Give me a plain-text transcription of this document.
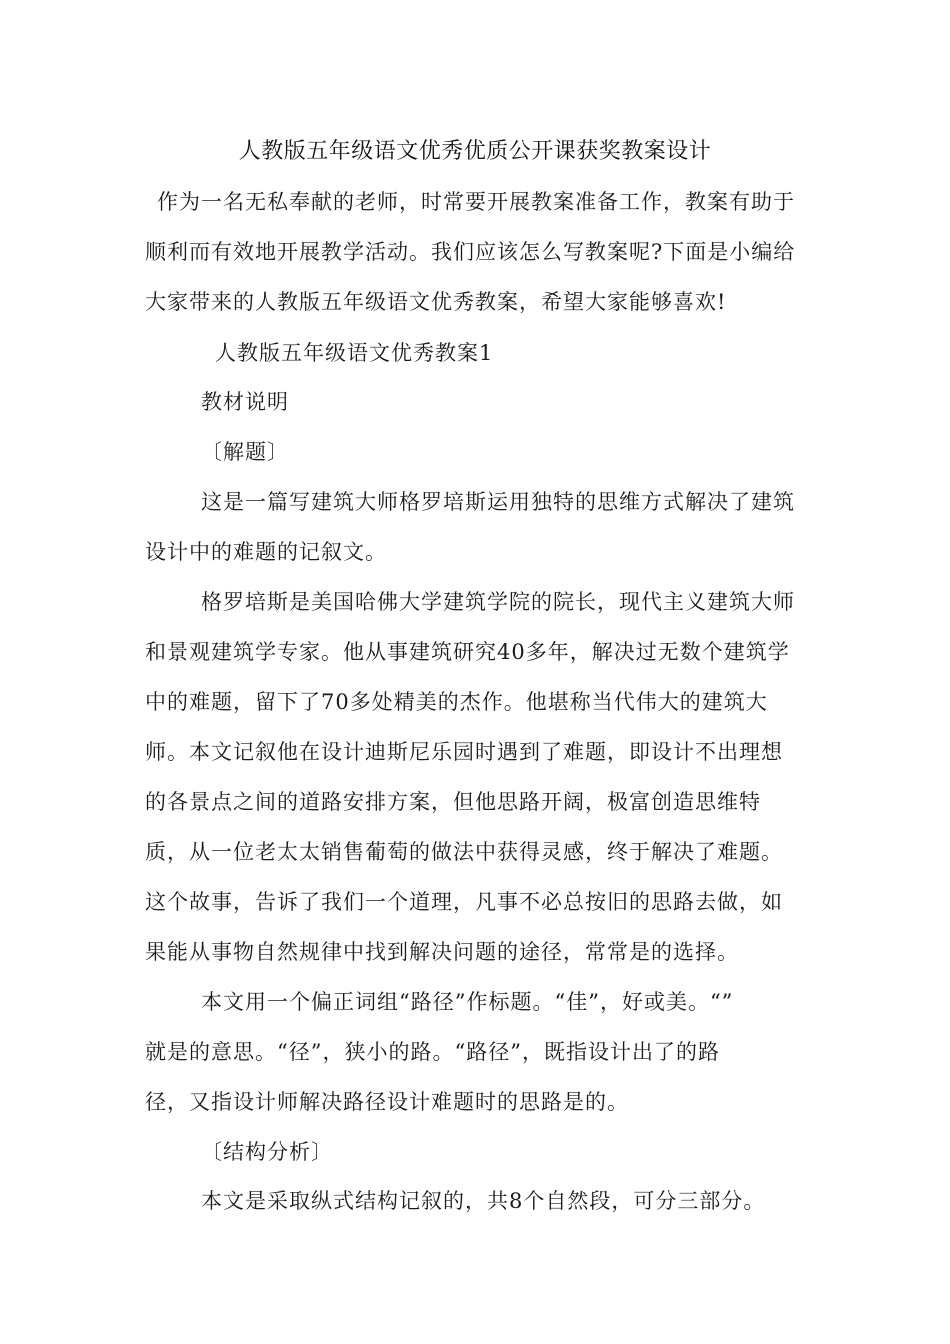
人教版五年级语文优秀优质公开课获奖教案设计

作为一名无私奉献的老师，时常要开展教案准备工作，教案有助于
顺利而有效地开展教学活动。我们应该怎么写教案呢?下面是小编给
大家带来的人教版五年级语文优秀教案，希望大家能够喜欢!

人教版五年级语文优秀教案1

教材说明

〔解题〕

这是一篇写建筑大师格罗培斯运用独特的思维方式解决了建筑
设计中的难题的记叙文。

格罗培斯是美国哈佛大学建筑学院的院长，现代主义建筑大师
和景观建筑学专家。他从事建筑研究40多年，解决过无数个建筑学
中的难题，留下了70多处精美的杰作。他堪称当代伟大的建筑大
师。本文记叙他在设计迪斯尼乐园时遇到了难题，即设计不出理想
的各景点之间的道路安排方案，但他思路开阔，极富创造思维特
质，从一位老太太销售葡萄的做法中获得灵感，终于解决了难题。
这个故事，告诉了我们一个道理，凡事不必总按旧的思路去做，如
果能从事物自然规律中找到解决问题的途径，常常是的选择。

本文用一个偏正词组“路径”作标题。“佳”，好或美。“”
就是的意思。“径”，狭小的路。“路径”，既指设计出了的路
径，又指设计师解决路径设计难题时的思路是的。

〔结构分析〕

本文是采取纵式结构记叙的，共8个自然段，可分三部分。
